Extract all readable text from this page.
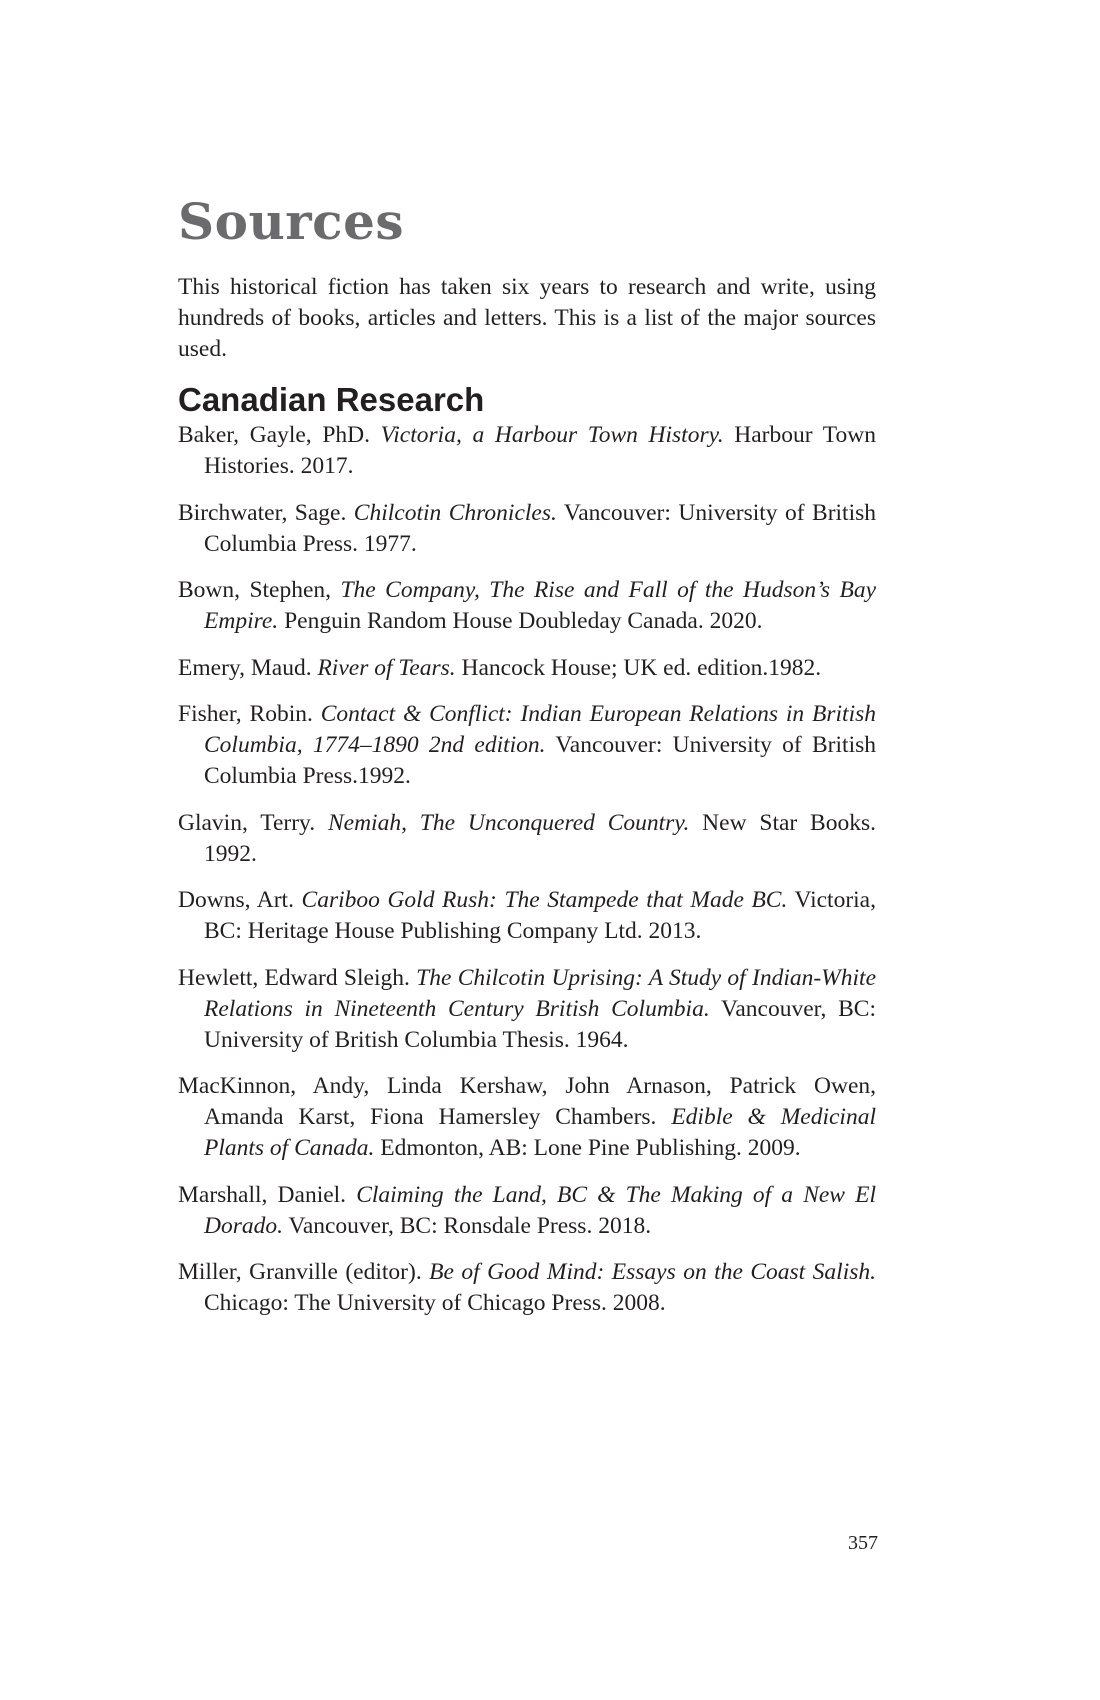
Sources

This historical fiction has taken six years to research and write, using hundreds of books, articles and letters. This is a list of the major sources used.

Canadian Research
Baker, Gayle, PhD. Victoria, a Harbour Town History. Harbour Town Histories. 2017.
Birchwater, Sage. Chilcotin Chronicles. Vancouver: University of British Columbia Press. 1977.
Bown, Stephen, The Company, The Rise and Fall of the Hudson’s Bay Empire. Penguin Random House Doubleday Canada. 2020.
Emery, Maud. River of Tears. Hancock House; UK ed. edition.1982.
Fisher, Robin. Contact & Conflict: Indian European Relations in British Columbia, 1774–1890 2nd edition. Vancouver: University of British Columbia Press.1992.
Glavin, Terry. Nemiah, The Unconquered Country. New Star Books. 1992.
Downs, Art. Cariboo Gold Rush: The Stampede that Made BC. Victoria, BC: Heritage House Publishing Company Ltd. 2013.
Hewlett, Edward Sleigh. The Chilcotin Uprising: A Study of Indian-White Relations in Nineteenth Century British Columbia. Vancouver, BC: University of British Columbia Thesis. 1964.
MacKinnon, Andy, Linda Kershaw, John Arnason, Patrick Owen, Amanda Karst, Fiona Hamersley Chambers. Edible & Medicinal Plants of Canada. Edmonton, AB: Lone Pine Publishing. 2009.
Marshall, Daniel. Claiming the Land, BC & The Making of a New El Dorado. Vancouver, BC: Ronsdale Press. 2018.
Miller, Granville (editor). Be of Good Mind: Essays on the Coast Salish. Chicago: The University of Chicago Press. 2008.
357
